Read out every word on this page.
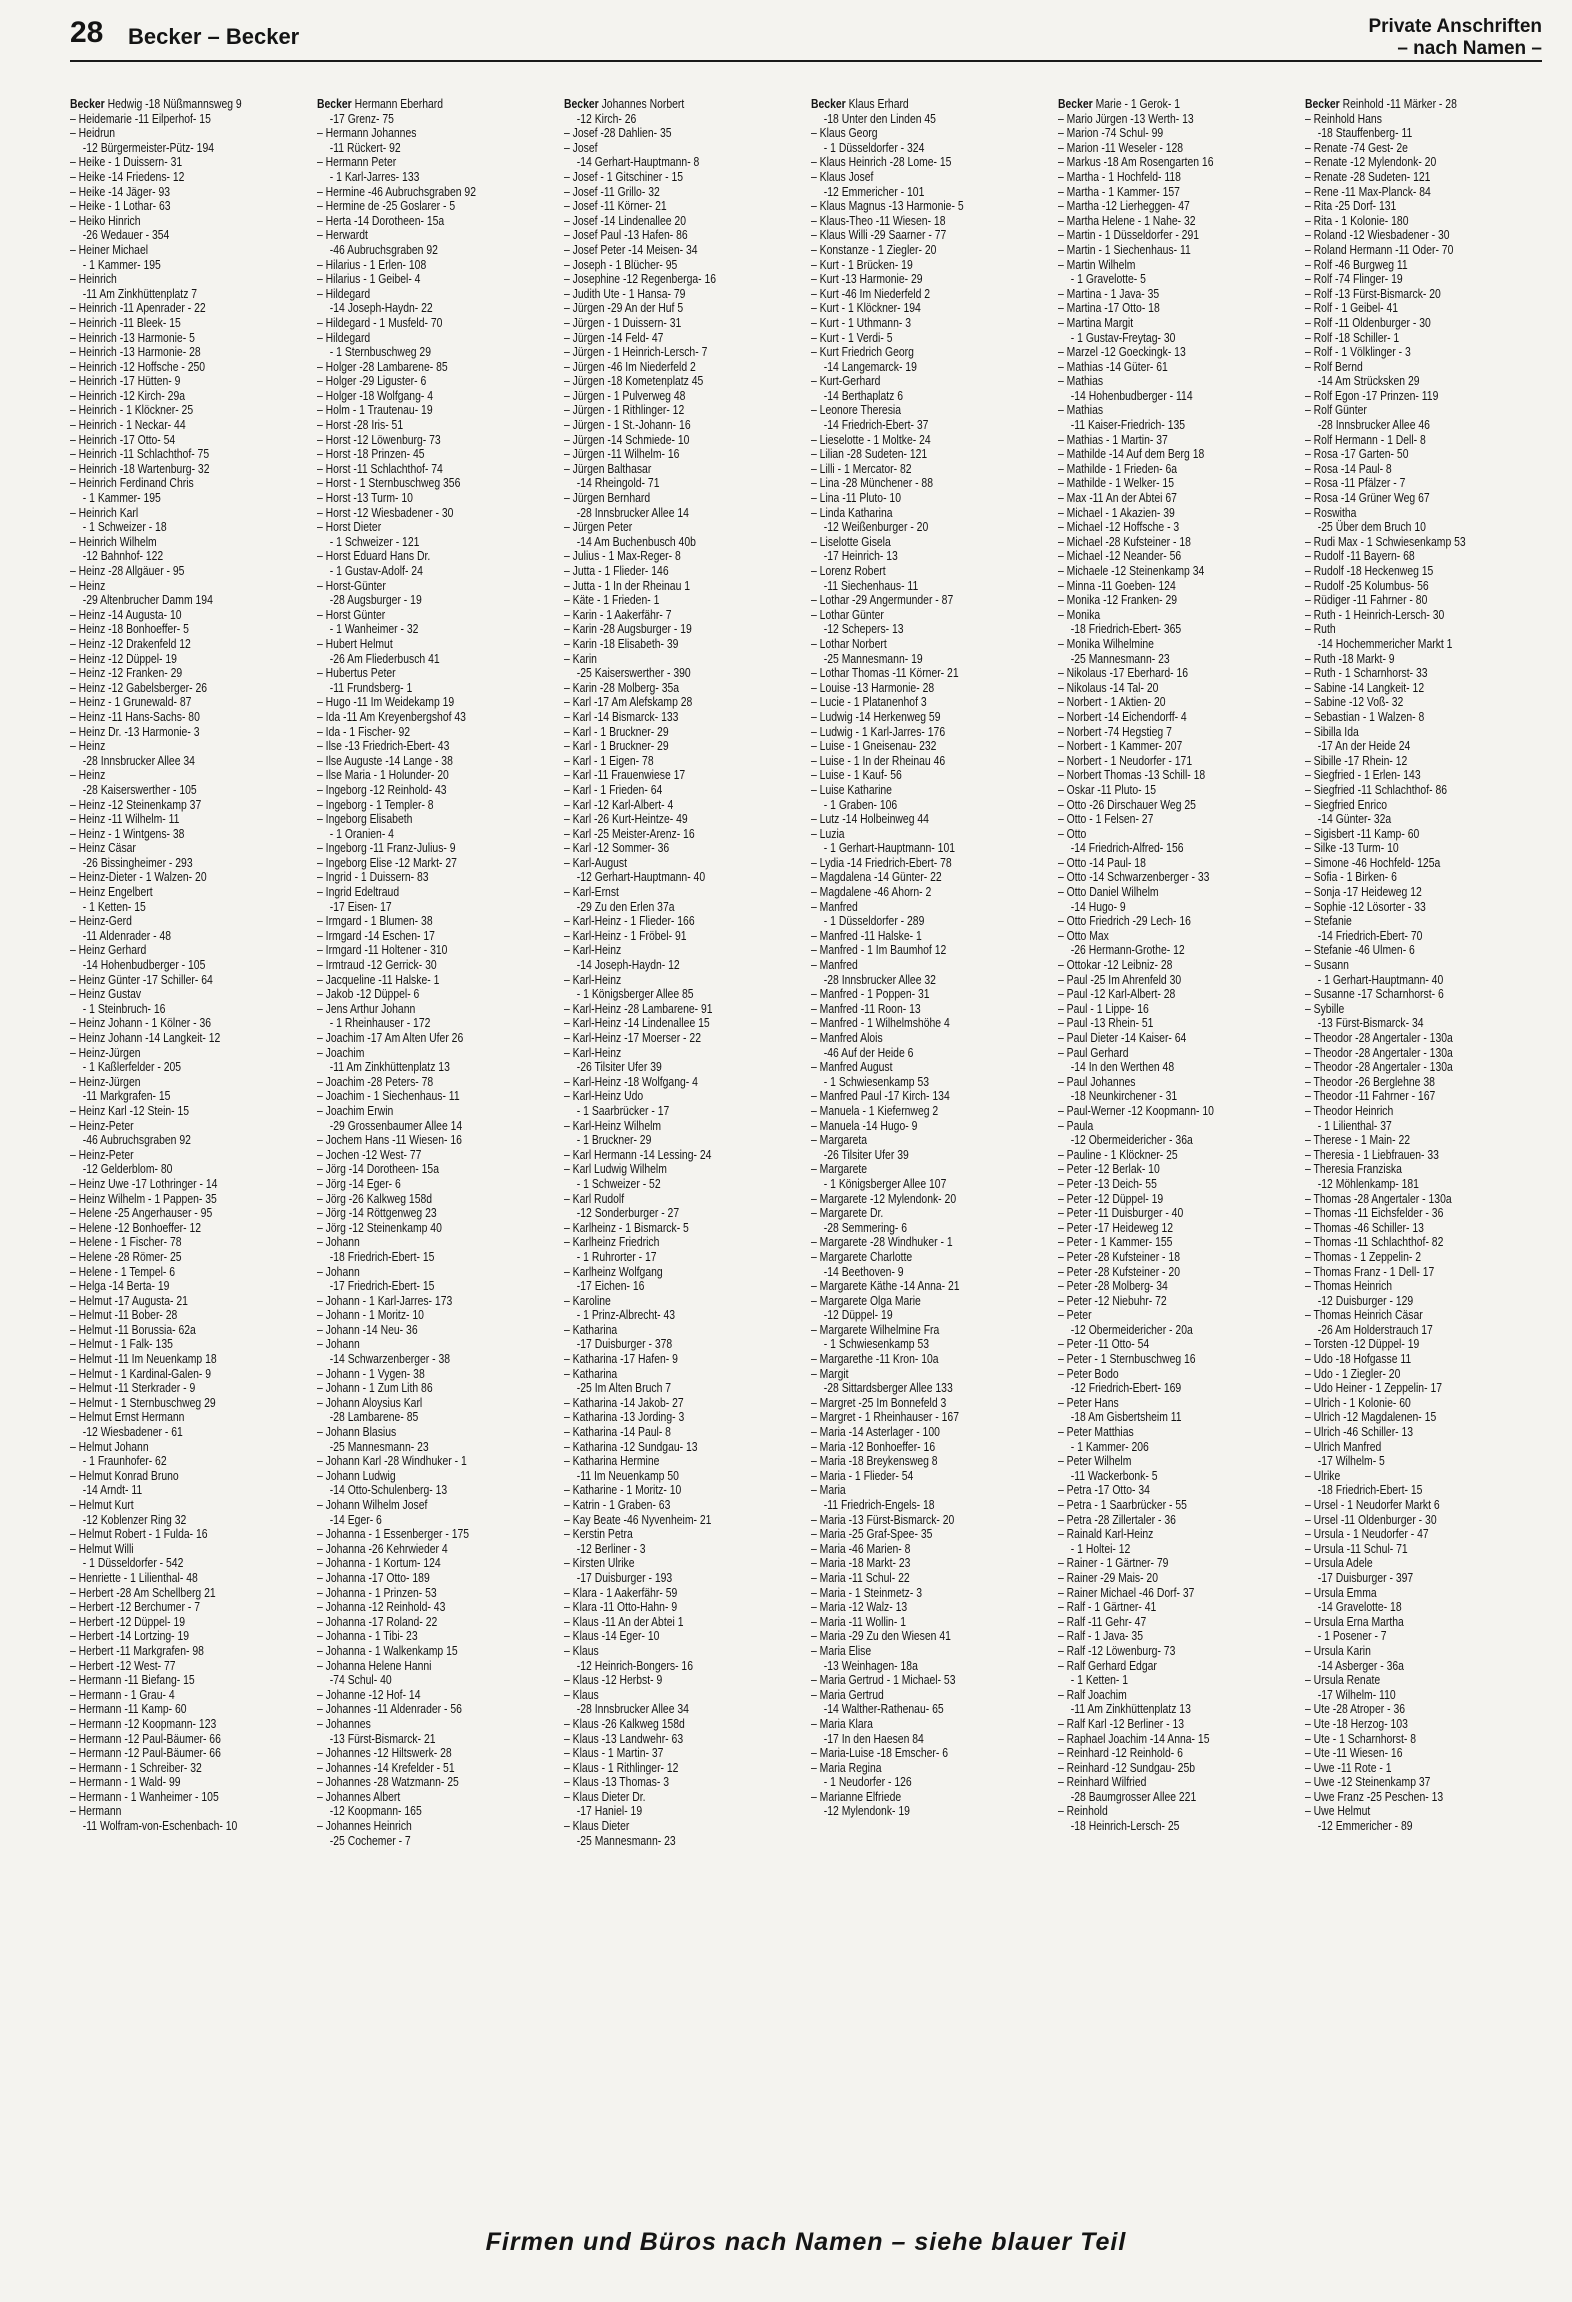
28 Becker – Becker	Private Anschriften
– nach Namen –
Becker Hedwig -18 Nüßmannsweg 9
– Heidemarie -11 Eilperhof- 15
– Heidrun
-12 Bürgermeister-Pütz- 194
– Heike - 1 Duissern- 31
– Heike -14 Friedens- 12
– Heike -14 Jäger- 93
– Heike - 1 Lothar- 63
– Heiko Hinrich
-26 Wedauer - 354
– Heiner Michael
- 1 Kammer- 195
– Heinrich
-11 Am Zinkhüttenplatz 7
– Heinrich -11 Apenrader - 22
– Heinrich -11 Bleek- 15
– Heinrich -13 Harmonie- 5
– Heinrich -13 Harmonie- 28
– Heinrich -12 Hoffsche - 250
– Heinrich -17 Hütten- 9
– Heinrich -12 Kirch- 29a
– Heinrich - 1 Klöckner- 25
– Heinrich - 1 Neckar- 44
– Heinrich -17 Otto- 54
– Heinrich -11 Schlachthof- 75
– Heinrich -18 Wartenburg- 32
– Heinrich Ferdinand Chris
- 1 Kammer- 195
– Heinrich Karl
- 1 Schweizer - 18
– Heinrich Wilhelm
-12 Bahnhof- 122
– Heinz -28 Allgäuer - 95
– Heinz
-29 Altenbrucher Damm 194
– Heinz -14 Augusta- 10
– Heinz -18 Bonhoeffer- 5
– Heinz -12 Drakenfeld 12
– Heinz -12 Düppel- 19
– Heinz -12 Franken- 29
– Heinz -12 Gabelsberger- 26
– Heinz - 1 Grunewald- 87
– Heinz -11 Hans-Sachs- 80
– Heinz Dr. -13 Harmonie- 3
– Heinz
-28 Innsbrucker Allee 34
– Heinz
-28 Kaiserswerther - 105
– Heinz -12 Steinenkamp 37
– Heinz -11 Wilhelm- 11
– Heinz - 1 Wintgens- 38
– Heinz Cäsar
-26 Bissingheimer - 293
– Heinz-Dieter - 1 Walzen- 20
– Heinz Engelbert
- 1 Ketten- 15
– Heinz-Gerd
-11 Aldenrader - 48
– Heinz Gerhard
-14 Hohenbudberger - 105
– Heinz Günter -17 Schiller- 64
– Heinz Gustav
- 1 Steinbruch- 16
– Heinz Johann - 1 Kölner - 36
– Heinz Johann -14 Langkeit- 12
– Heinz-Jürgen
- 1 Kaßlerfelder - 205
– Heinz-Jürgen
-11 Markgrafen- 15
– Heinz Karl -12 Stein- 15
– Heinz-Peter
-46 Aubruchsgraben 92
– Heinz-Peter
-12 Gelderblom- 80
– Heinz Uwe -17 Lothringer - 14
– Heinz Wilhelm - 1 Pappen- 35
– Helene -25 Angerhauser - 95
– Helene -12 Bonhoeffer- 12
– Helene - 1 Fischer- 78
– Helene -28 Römer- 25
– Helene - 1 Tempel- 6
– Helga -14 Berta- 19
– Helmut -17 Augusta- 21
– Helmut -11 Bober- 28
– Helmut -11 Borussia- 62a
– Helmut - 1 Falk- 135
– Helmut -11 Im Neuenkamp 18
– Helmut - 1 Kardinal-Galen- 9
– Helmut -11 Sterkrader - 9
– Helmut - 1 Sternbuschweg 29
– Helmut Ernst Hermann
-12 Wiesbadener - 61
– Helmut Johann
- 1 Fraunhofer- 62
– Helmut Konrad Bruno
-14 Arndt- 11
– Helmut Kurt
-12 Koblenzer Ring 32
– Helmut Robert - 1 Fulda- 16
– Helmut Willi
- 1 Düsseldorfer - 542
– Henriette - 1 Lilienthal- 48
– Herbert -28 Am Schellberg 21
– Herbert -12 Berchumer - 7
– Herbert -12 Düppel- 19
– Herbert -14 Lortzing- 19
– Herbert -11 Markgrafen- 98
– Herbert -12 West- 77
– Hermann -11 Biefang- 15
– Hermann - 1 Grau- 4
– Hermann -11 Kamp- 60
– Hermann -12 Koopmann- 123
– Hermann -12 Paul-Bäumer- 66
– Hermann -12 Paul-Bäumer- 66
– Hermann - 1 Schreiber- 32
– Hermann - 1 Wald- 99
– Hermann - 1 Wanheimer - 105
– Hermann
-11 Wolfram-von-Eschenbach- 10
Becker Hermann Eberhard
-17 Grenz- 75
– Hermann Johannes
-11 Rückert- 92
– Hermann Peter
- 1 Karl-Jarres- 133
– Hermine -46 Aubruchsgraben 92
– Hermine de -25 Goslarer - 5
– Herta -14 Dorotheen- 15a
– Herwardt
-46 Aubruchsgraben 92
– Hilarius - 1 Erlen- 108
– Hilarius - 1 Geibel- 4
– Hildegard
-14 Joseph-Haydn- 22
– Hildegard - 1 Musfeld- 70
– Hildegard
- 1 Sternbuschweg 29
– Holger -28 Lambarene- 85
– Holger -29 Liguster- 6
– Holger -18 Wolfgang- 4
– Holm - 1 Trautenau- 19
– Horst -28 Iris- 51
– Horst -12 Löwenburg- 73
– Horst -18 Prinzen- 45
– Horst -11 Schlachthof- 74
– Horst - 1 Sternbuschweg 356
– Horst -13 Turm- 10
– Horst -12 Wiesbadener - 30
– Horst Dieter
- 1 Schweizer - 121
– Horst Eduard Hans Dr.
- 1 Gustav-Adolf- 24
– Horst-Günter
-28 Augsburger - 19
– Horst Günter
- 1 Wanheimer - 32
– Hubert Helmut
-26 Am Fliederbusch 41
– Hubertus Peter
-11 Frundsberg- 1
– Hugo -11 Im Weidekamp 19
– Ida -11 Am Kreyenbergshof 43
– Ida - 1 Fischer- 92
– Ilse -13 Friedrich-Ebert- 43
– Ilse Auguste -14 Lange - 38
– Ilse Maria - 1 Holunder- 20
– Ingeborg -12 Reinhold- 43
– Ingeborg - 1 Templer- 8
– Ingeborg Elisabeth
- 1 Oranien- 4
– Ingeborg -11 Franz-Julius- 9
– Ingeborg Elise -12 Markt- 27
– Ingrid - 1 Duissern- 83
– Ingrid Edeltraud
-17 Eisen- 17
– Irmgard - 1 Blumen- 38
– Irmgard -14 Eschen- 17
– Irmgard -11 Holtener - 310
– Irmtraud -12 Gerrick- 30
– Jacqueline -11 Halske- 1
– Jakob -12 Düppel- 6
– Jens Arthur Johann
- 1 Rheinhauser - 172
– Joachim -17 Am Alten Ufer 26
– Joachim
-11 Am Zinkhüttenplatz 13
– Joachim -28 Peters- 78
– Joachim - 1 Siechenhaus- 11
– Joachim Erwin
-29 Grossenbaumer Allee 14
– Jochem Hans -11 Wiesen- 16
– Jochen -12 West- 77
– Jörg -14 Dorotheen- 15a
– Jörg -14 Eger- 6
– Jörg -26 Kalkweg 158d
– Jörg -14 Röttgenweg 23
– Jörg -12 Steinenkamp 40
– Johann
-18 Friedrich-Ebert- 15
– Johann
-17 Friedrich-Ebert- 15
– Johann - 1 Karl-Jarres- 173
– Johann - 1 Moritz- 10
– Johann -14 Neu- 36
– Johann
-14 Schwarzenberger - 38
– Johann - 1 Vygen- 38
– Johann - 1 Zum Lith 86
– Johann Aloysius Karl
-28 Lambarene- 85
– Johann Blasius
-25 Mannesmann- 23
– Johann Karl -28 Windhuker - 1
– Johann Ludwig
-14 Otto-Schulenberg- 13
– Johann Wilhelm Josef
-14 Eger- 6
– Johanna - 1 Essenberger - 175
– Johanna -26 Kehrwieder 4
– Johanna - 1 Kortum- 124
– Johanna -17 Otto- 189
– Johanna - 1 Prinzen- 53
– Johanna -12 Reinhold- 43
– Johanna -17 Roland- 22
– Johanna - 1 Tibi- 23
– Johanna - 1 Walkenkamp 15
– Johanna Helene Hanni
-74 Schul- 40
– Johanne -12 Hof- 14
– Johannes -11 Aldenrader - 56
– Johannes
-13 Fürst-Bismarck- 21
– Johannes -12 Hiltswerk- 28
– Johannes -14 Krefelder - 51
– Johannes -28 Watzmann- 25
– Johannes Albert
-12 Koopmann- 165
– Johannes Heinrich
-25 Cochemer - 7
Becker Johannes Norbert
-12 Kirch- 26
– Josef -28 Dahlien- 35
– Josef
-14 Gerhart-Hauptmann- 8
– Josef - 1 Gitschiner - 15
– Josef -11 Grillo- 32
– Josef -11 Körner- 21
– Josef -14 Lindenallee 20
– Josef Paul -13 Hafen- 86
– Josef Peter -14 Meisen- 34
– Joseph - 1 Blücher- 95
– Josephine -12 Regenberga- 16
– Judith Ute - 1 Hansa- 79
– Jürgen -29 An der Huf 5
– Jürgen - 1 Duissern- 31
– Jürgen -14 Feld- 47
– Jürgen - 1 Heinrich-Lersch- 7
– Jürgen -46 Im Niederfeld 2
– Jürgen -18 Kometenplatz 45
– Jürgen - 1 Pulverweg 48
– Jürgen - 1 Rithlinger- 12
– Jürgen - 1 St.-Johann- 16
– Jürgen -14 Schmiede- 10
– Jürgen -11 Wilhelm- 16
– Jürgen Balthasar
-14 Rheingold- 71
– Jürgen Bernhard
-28 Innsbrucker Allee 14
– Jürgen Peter
-14 Am Buchenbusch 40b
– Julius - 1 Max-Reger- 8
– Jutta - 1 Flieder- 146
– Jutta - 1 In der Rheinau 1
– Käte - 1 Frieden- 1
– Karin - 1 Aakerfähr- 7
– Karin -28 Augsburger - 19
– Karin -18 Elisabeth- 39
– Karin
-25 Kaiserswerther - 390
– Karin -28 Molberg- 35a
– Karl -17 Am Alefskamp 28
– Karl -14 Bismarck- 133
– Karl - 1 Bruckner- 29
– Karl - 1 Bruckner- 29
– Karl - 1 Eigen- 78
– Karl -11 Frauenwiese 17
– Karl - 1 Frieden- 64
– Karl -12 Karl-Albert- 4
– Karl -26 Kurt-Heintze- 49
– Karl -25 Meister-Arenz- 16
– Karl -12 Sommer- 36
– Karl-August
-12 Gerhart-Hauptmann- 40
– Karl-Ernst
-29 Zu den Erlen 37a
– Karl-Heinz - 1 Flieder- 166
– Karl-Heinz - 1 Fröbel- 91
– Karl-Heinz
-14 Joseph-Haydn- 12
– Karl-Heinz
- 1 Königsberger Allee 85
– Karl-Heinz -28 Lambarene- 91
– Karl-Heinz -14 Lindenallee 15
– Karl-Heinz -17 Moerser - 22
– Karl-Heinz
-26 Tilsiter Ufer 39
– Karl-Heinz -18 Wolfgang- 4
– Karl-Heinz Udo
- 1 Saarbrücker - 17
– Karl-Heinz Wilhelm
- 1 Bruckner- 29
– Karl Hermann -14 Lessing- 24
– Karl Ludwig Wilhelm
- 1 Schweizer - 52
– Karl Rudolf
-12 Sonderburger - 27
– Karlheinz - 1 Bismarck- 5
– Karlheinz Friedrich
- 1 Ruhrorter - 17
– Karlheinz Wolfgang
-17 Eichen- 16
– Karoline
- 1 Prinz-Albrecht- 43
– Katharina
-17 Duisburger - 378
– Katharina -17 Hafen- 9
– Katharina
-25 Im Alten Bruch 7
– Katharina -14 Jakob- 27
– Katharina -13 Jording- 3
– Katharina -14 Paul- 8
– Katharina -12 Sundgau- 13
– Katharina Hermine
-11 Im Neuenkamp 50
– Katharine - 1 Moritz- 10
– Katrin - 1 Graben- 63
– Kay Beate -46 Nyvenheim- 21
– Kerstin Petra
-12 Berliner - 3
– Kirsten Ulrike
-17 Duisburger - 193
– Klara - 1 Aakerfähr- 59
– Klara -11 Otto-Hahn- 9
– Klaus -11 An der Abtei 1
– Klaus -14 Eger- 10
– Klaus
-12 Heinrich-Bongers- 16
– Klaus -12 Herbst- 9
– Klaus
-28 Innsbrucker Allee 34
– Klaus -26 Kalkweg 158d
– Klaus -13 Landwehr- 63
– Klaus - 1 Martin- 37
– Klaus - 1 Rithlinger- 12
– Klaus -13 Thomas- 3
– Klaus Dieter Dr.
-17 Haniel- 19
– Klaus Dieter
-25 Mannesmann- 23
Becker Klaus Erhard
-18 Unter den Linden 45
– Klaus Georg
- 1 Düsseldorfer - 324
– Klaus Heinrich -28 Lome- 15
– Klaus Josef
-12 Emmericher - 101
– Klaus Magnus -13 Harmonie- 5
– Klaus-Theo -11 Wiesen- 18
– Klaus Willi -29 Saarner - 77
– Konstanze - 1 Ziegler- 20
– Kurt - 1 Brücken- 19
– Kurt -13 Harmonie- 29
– Kurt -46 Im Niederfeld 2
– Kurt - 1 Klöckner- 194
– Kurt - 1 Uthmann- 3
– Kurt - 1 Verdi- 5
– Kurt Friedrich Georg
-14 Langemarck- 19
– Kurt-Gerhard
-14 Berthaplatz 6
– Leonore Theresia
-14 Friedrich-Ebert- 37
– Lieselotte - 1 Moltke- 24
– Lilian -28 Sudeten- 121
– Lilli - 1 Mercator- 82
– Lina -28 Münchener - 88
– Lina -11 Pluto- 10
– Linda Katharina
-12 Weißenburger - 20
– Liselotte Gisela
-17 Heinrich- 13
– Lorenz Robert
-11 Siechenhaus- 11
– Lothar -29 Angermunder - 87
– Lothar Günter
-12 Schepers- 13
– Lothar Norbert
-25 Mannesmann- 19
– Lothar Thomas -11 Körner- 21
– Louise -13 Harmonie- 28
– Lucie - 1 Platanenhof 3
– Ludwig -14 Herkenweg 59
– Ludwig - 1 Karl-Jarres- 176
– Luise - 1 Gneisenau- 232
– Luise - 1 In der Rheinau 46
– Luise - 1 Kauf- 56
– Luise Katharine
- 1 Graben- 106
– Lutz -14 Holbeinweg 44
– Luzia
- 1 Gerhart-Hauptmann- 101
– Lydia -14 Friedrich-Ebert- 78
– Magdalena -14 Günter- 22
– Magdalene -46 Ahorn- 2
– Manfred
- 1 Düsseldorfer - 289
– Manfred -11 Halske- 1
– Manfred - 1 Im Baumhof 12
– Manfred
-28 Innsbrucker Allee 32
– Manfred - 1 Poppen- 31
– Manfred -11 Roon- 13
– Manfred - 1 Wilhelmshöhe 4
– Manfred Alois
-46 Auf der Heide 6
– Manfred August
- 1 Schwiesenkamp 53
– Manfred Paul -17 Kirch- 134
– Manuela - 1 Kiefernweg 2
– Manuela -14 Hugo- 9
– Margareta
-26 Tilsiter Ufer 39
– Margarete
- 1 Königsberger Allee 107
– Margarete -12 Mylendonk- 20
– Margarete Dr.
-28 Semmering- 6
– Margarete -28 Windhuker - 1
– Margarete Charlotte
-14 Beethoven- 9
– Margarete Käthe -14 Anna- 21
– Margarete Olga Marie
-12 Düppel- 19
– Margarete Wilhelmine Fra
- 1 Schwiesenkamp 53
– Margarethe -11 Kron- 10a
– Margit
-28 Sittardsberger Allee 133
– Margret -25 Im Bonnefeld 3
– Margret - 1 Rheinhauser - 167
– Maria -14 Asterlager - 100
– Maria -12 Bonhoeffer- 16
– Maria -18 Breykensweg 8
– Maria - 1 Flieder- 54
– Maria
-11 Friedrich-Engels- 18
– Maria -13 Fürst-Bismarck- 20
– Maria -25 Graf-Spee- 35
– Maria -46 Marien- 8
– Maria -18 Markt- 23
– Maria -11 Schul- 22
– Maria - 1 Steinmetz- 3
– Maria -12 Walz- 13
– Maria -11 Wollin- 1
– Maria -29 Zu den Wiesen 41
– Maria Elise
-13 Weinhagen- 18a
– Maria Gertrud - 1 Michael- 53
– Maria Gertrud
-14 Walther-Rathenau- 65
– Maria Klara
-17 In den Haesen 84
– Maria-Luise -18 Emscher- 6
– Maria Regina
- 1 Neudorfer - 126
– Marianne Elfriede
-12 Mylendonk- 19
Becker Marie - 1 Gerok- 1
– Mario Jürgen -13 Werth- 13
– Marion -74 Schul- 99
– Marion -11 Weseler - 128
– Markus -18 Am Rosengarten 16
– Martha - 1 Hochfeld- 118
– Martha - 1 Kammer- 157
– Martha -12 Lierheggen- 47
– Martha Helene - 1 Nahe- 32
– Martin - 1 Düsseldorfer - 291
– Martin - 1 Siechenhaus- 11
– Martin Wilhelm
- 1 Gravelotte- 5
– Martina - 1 Java- 35
– Martina -17 Otto- 18
– Martina Margit
- 1 Gustav-Freytag- 30
– Marzel -12 Goeckingk- 13
– Mathias -14 Güter- 61
– Mathias
-14 Hohenbudberger - 114
– Mathias
-11 Kaiser-Friedrich- 135
– Mathias - 1 Martin- 37
– Mathilde -14 Auf dem Berg 18
– Mathilde - 1 Frieden- 6a
– Mathilde - 1 Welker- 15
– Max -11 An der Abtei 67
– Michael - 1 Akazien- 39
– Michael -12 Hoffsche - 3
– Michael -28 Kufsteiner - 18
– Michael -12 Neander- 56
– Michaele -12 Steinenkamp 34
– Minna -11 Goeben- 124
– Monika -12 Franken- 29
– Monika
-18 Friedrich-Ebert- 365
– Monika Wilhelmine
-25 Mannesmann- 23
– Nikolaus -17 Eberhard- 16
– Nikolaus -14 Tal- 20
– Norbert - 1 Aktien- 20
– Norbert -14 Eichendorff- 4
– Norbert -74 Hegstieg 7
– Norbert - 1 Kammer- 207
– Norbert - 1 Neudorfer - 171
– Norbert Thomas -13 Schill- 18
– Oskar -11 Pluto- 15
– Otto -26 Dirschauer Weg 25
– Otto - 1 Felsen- 27
– Otto
-14 Friedrich-Alfred- 156
– Otto -14 Paul- 18
– Otto -14 Schwarzenberger - 33
– Otto Daniel Wilhelm
-14 Hugo- 9
– Otto Friedrich -29 Lech- 16
– Otto Max
-26 Hermann-Grothe- 12
– Ottokar -12 Leibniz- 28
– Paul -25 Im Ahrenfeld 30
– Paul -12 Karl-Albert- 28
– Paul - 1 Lippe- 16
– Paul -13 Rhein- 51
– Paul Dieter -14 Kaiser- 64
– Paul Gerhard
-14 In den Werthen 48
– Paul Johannes
-18 Neunkirchener - 31
– Paul-Werner -12 Koopmann- 10
– Paula
-12 Obermeidericher - 36a
– Pauline - 1 Klöckner- 25
– Peter -12 Berlak- 10
– Peter -13 Deich- 55
– Peter -12 Düppel- 19
– Peter -11 Duisburger - 40
– Peter -17 Heideweg 12
– Peter - 1 Kammer- 155
– Peter -28 Kufsteiner - 18
– Peter -28 Kufsteiner - 20
– Peter -28 Molberg- 34
– Peter -12 Niebuhr- 72
– Peter
-12 Obermeidericher - 20a
– Peter -11 Otto- 54
– Peter - 1 Sternbuschweg 16
– Peter Bodo
-12 Friedrich-Ebert- 169
– Peter Hans
-18 Am Gisbertsheim 11
– Peter Matthias
- 1 Kammer- 206
– Peter Wilhelm
-11 Wackerbonk- 5
– Petra -17 Otto- 34
– Petra - 1 Saarbrücker - 55
– Petra -28 Zillertaler - 36
– Rainald Karl-Heinz
- 1 Holtei- 12
– Rainer - 1 Gärtner- 79
– Rainer -29 Mais- 20
– Rainer Michael -46 Dorf- 37
– Ralf - 1 Gärtner- 41
– Ralf -11 Gehr- 47
– Ralf - 1 Java- 35
– Ralf -12 Löwenburg- 73
– Ralf Gerhard Edgar
- 1 Ketten- 1
– Ralf Joachim
-11 Am Zinkhüttenplatz 13
– Ralf Karl -12 Berliner - 13
– Raphael Joachim -14 Anna- 15
– Reinhard -12 Reinhold- 6
– Reinhard -12 Sundgau- 25b
– Reinhard Wilfried
-28 Baumgrosser Allee 221
– Reinhold
-18 Heinrich-Lersch- 25
Becker Reinhold -11 Märker - 28
– Reinhold Hans
-18 Stauffenberg- 11
– Renate -74 Gest- 2e
– Renate -12 Mylendonk- 20
– Renate -28 Sudeten- 121
– Rene -11 Max-Planck- 84
– Rita -25 Dorf- 131
– Rita - 1 Kolonie- 180
– Roland -12 Wiesbadener - 30
– Roland Hermann -11 Oder- 70
– Rolf -46 Burgweg 11
– Rolf -74 Flinger- 19
– Rolf -13 Fürst-Bismarck- 20
– Rolf - 1 Geibel- 41
– Rolf -11 Oldenburger - 30
– Rolf -18 Schiller- 1
– Rolf - 1 Völklinger - 3
– Rolf Bernd
-14 Am Strücksken 29
– Rolf Egon -17 Prinzen- 119
– Rolf Günter
-28 Innsbrucker Allee 46
– Rolf Hermann - 1 Dell- 8
– Rosa -17 Garten- 50
– Rosa -14 Paul- 8
– Rosa -11 Pfälzer - 7
– Rosa -14 Grüner Weg 67
– Roswitha
-25 Über dem Bruch 10
– Rudi Max - 1 Schwiesenkamp 53
– Rudolf -11 Bayern- 68
– Rudolf -18 Heckenweg 15
– Rudolf -25 Kolumbus- 56
– Rüdiger -11 Fahrner - 80
– Ruth - 1 Heinrich-Lersch- 30
– Ruth
-14 Hochemmericher Markt 1
– Ruth -18 Markt- 9
– Ruth - 1 Scharnhorst- 33
– Sabine -14 Langkeit- 12
– Sabine -12 Voß- 32
– Sebastian - 1 Walzen- 8
– Sibilla Ida
-17 An der Heide 24
– Sibille -17 Rhein- 12
– Siegfried - 1 Erlen- 143
– Siegfried -11 Schlachthof- 86
– Siegfried Enrico
-14 Günter- 32a
– Sigisbert -11 Kamp- 60
– Silke -13 Turm- 10
– Simone -46 Hochfeld- 125a
– Sofia - 1 Birken- 6
– Sonja -17 Heideweg 12
– Sophie -12 Lösorter - 33
– Stefanie
-14 Friedrich-Ebert- 70
– Stefanie -46 Ulmen- 6
– Susann
- 1 Gerhart-Hauptmann- 40
– Susanne -17 Scharnhorst- 6
– Sybille
-13 Fürst-Bismarck- 34
– Theodor -28 Angertaler - 130a
– Theodor -28 Angertaler - 130a
– Theodor -28 Angertaler - 130a
– Theodor -26 Berglehne 38
– Theodor -11 Fahrner - 167
– Theodor Heinrich
- 1 Lilienthal- 37
– Therese - 1 Main- 22
– Theresia - 1 Liebfrauen- 33
– Theresia Franziska
-12 Möhlenkamp- 181
– Thomas -28 Angertaler - 130a
– Thomas -11 Eichsfelder - 36
– Thomas -46 Schiller- 13
– Thomas -11 Schlachthof- 82
– Thomas - 1 Zeppelin- 2
– Thomas Franz - 1 Dell- 17
– Thomas Heinrich
-12 Duisburger - 129
– Thomas Heinrich Cäsar
-26 Am Holderstrauch 17
– Torsten -12 Düppel- 19
– Udo -18 Hofgasse 11
– Udo - 1 Ziegler- 20
– Udo Heiner - 1 Zeppelin- 17
– Ulrich - 1 Kolonie- 60
– Ulrich -12 Magdalenen- 15
– Ulrich -46 Schiller- 13
– Ulrich Manfred
-17 Wilhelm- 5
– Ulrike
-18 Friedrich-Ebert- 15
– Ursel - 1 Neudorfer Markt 6
– Ursel -11 Oldenburger - 30
– Ursula - 1 Neudorfer - 47
– Ursula -11 Schul- 71
– Ursula Adele
-17 Duisburger - 397
– Ursula Emma
-14 Gravelotte- 18
– Ursula Erna Martha
- 1 Posener - 7
– Ursula Karin
-14 Asberger - 36a
– Ursula Renate
-17 Wilhelm- 110
– Ute -28 Atroper - 36
– Ute -18 Herzog- 103
– Ute - 1 Scharnhorst- 8
– Ute -11 Wiesen- 16
– Uwe -11 Rote - 1
– Uwe -12 Steinenkamp 37
– Uwe Franz -25 Peschen- 13
– Uwe Helmut
-12 Emmericher - 89
Firmen und Büros nach Namen – siehe blauer Teil
